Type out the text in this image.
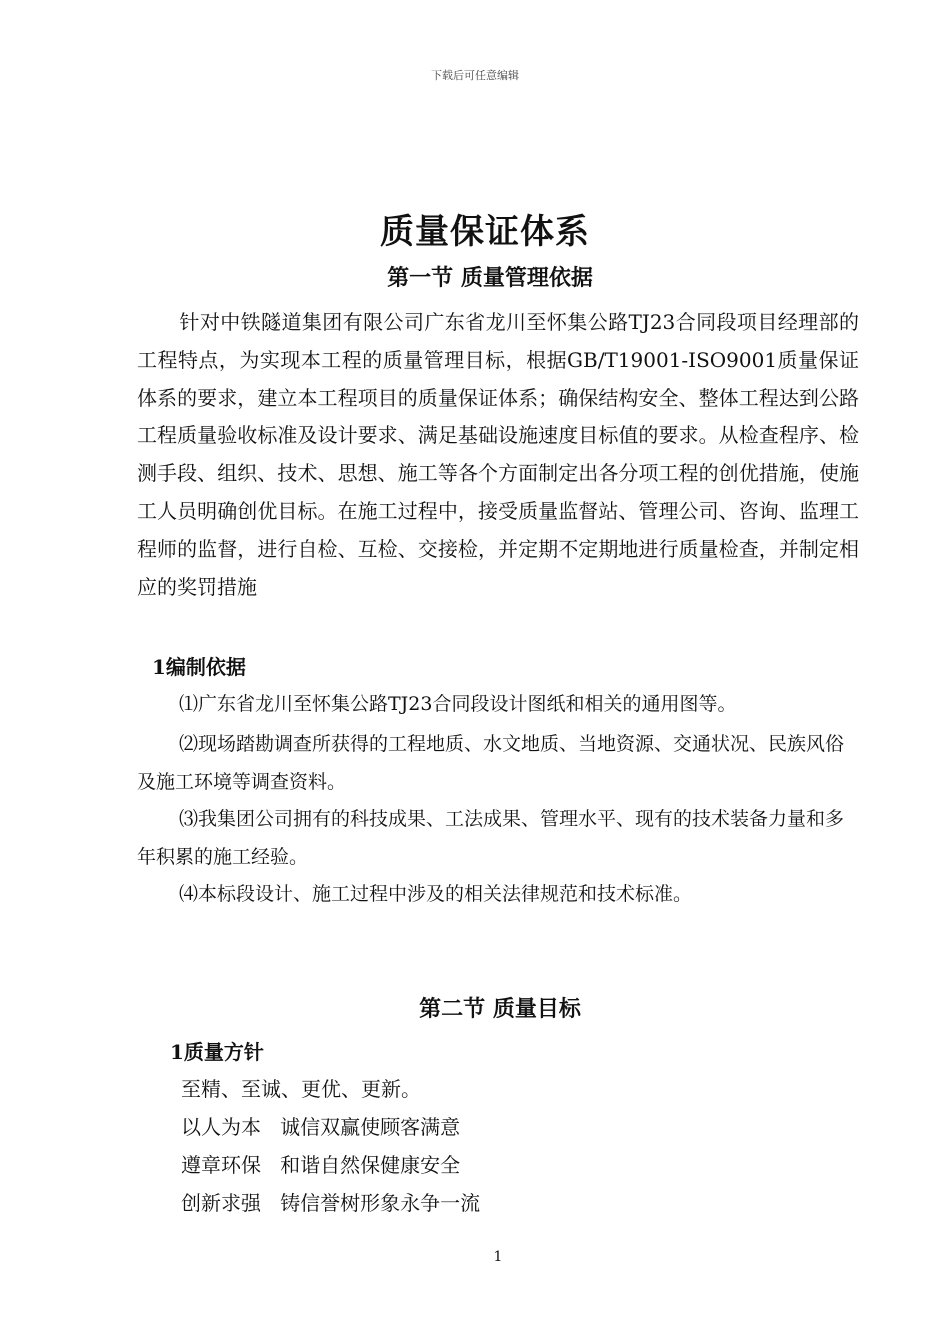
下载后可任意编辑
质量保证体系
第一节 质量管理依据

针对中铁隧道集团有限公司广东省龙川至怀集公路TJ23合同段项目经理部的工程特点，为实现本工程的质量管理目标，根据GB/T19001-ISO9001质量保证体系的要求，建立本工程项目的质量保证体系；确保结构安全、整体工程达到公路工程质量验收标准及设计要求、满足基础设施速度目标值的要求。从检查程序、检测手段、组织、技术、思想、施工等各个方面制定出各分项工程的创优措施，使施工人员明确创优目标。在施工过程中，接受质量监督站、管理公司、咨询、监理工程师的监督，进行自检、互检、交接检，并定期不定期地进行质量检查，并制定相应的奖罚措施

1编制依据

⑴广东省龙川至怀集公路TJ23合同段设计图纸和相关的通用图等。

⑵现场踏勘调查所获得的工程地质、水文地质、当地资源、交通状况、民族风俗及施工环境等调查资料。

⑶我集团公司拥有的科技成果、工法成果、管理水平、现有的技术装备力量和多年积累的施工经验。

⑷本标段设计、施工过程中涉及的相关法律规范和技术标准。

第二节 质量目标
1质量方针
至精、至诚、更优、更新。
以人为本   诚信双赢使顾客满意
遵章环保   和谐自然保健康安全
创新求强   铸信誉树形象永争一流
1
